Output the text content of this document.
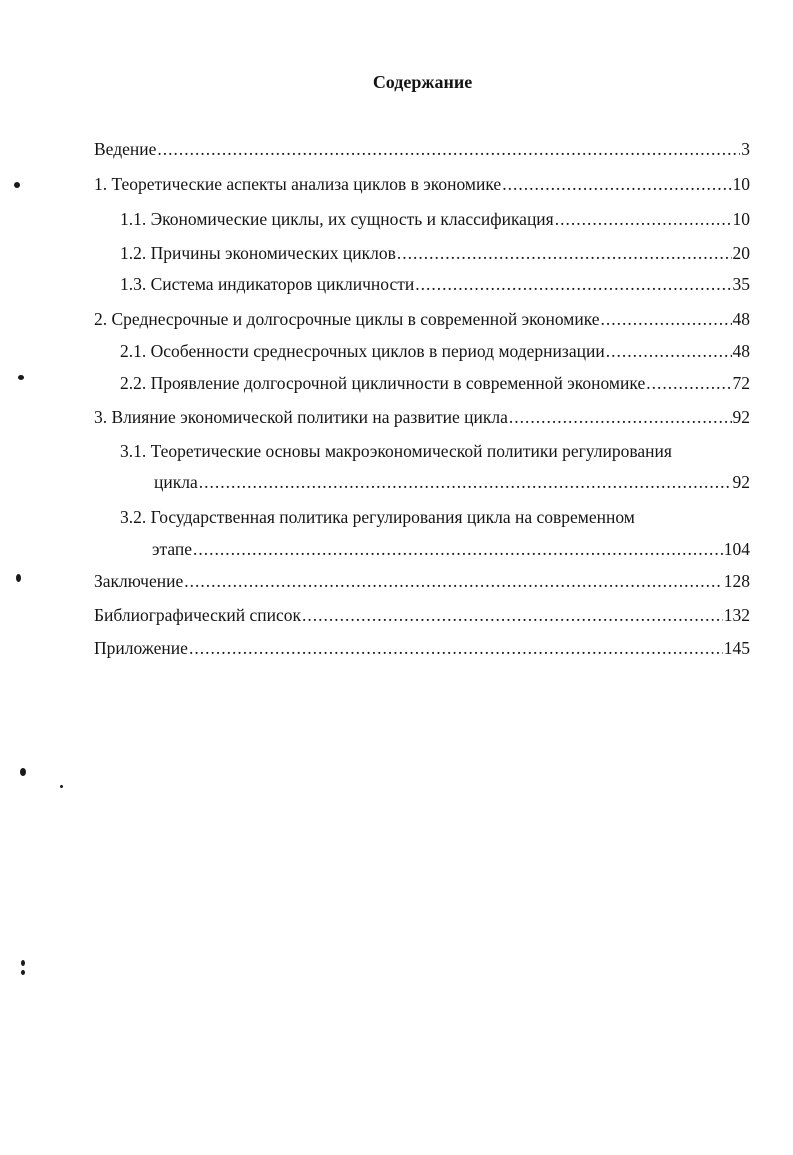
Содержание
Ведение .....	3
1. Теоретические аспекты анализа циклов в экономике .....	10
1.1. Экономические циклы, их сущность и классификация .....	10
1.2. Причины экономических циклов .....	20
1.3. Система индикаторов цикличности .....	35
2. Среднесрочные и долгосрочные циклы в современной экономике .....	48
2.1. Особенности среднесрочных циклов в период модернизации .....	48
2.2. Проявление долгосрочной цикличности в современной экономике .....	72
3. Влияние экономической политики на развитие цикла .....	92
3.1. Теоретические основы макроэкономической политики регулирования
цикла .....	92
3.2. Государственная политика регулирования цикла на современном
этапе .....	104
Заключение .....	128
Библиографический список .....	132
Приложение .....	145
